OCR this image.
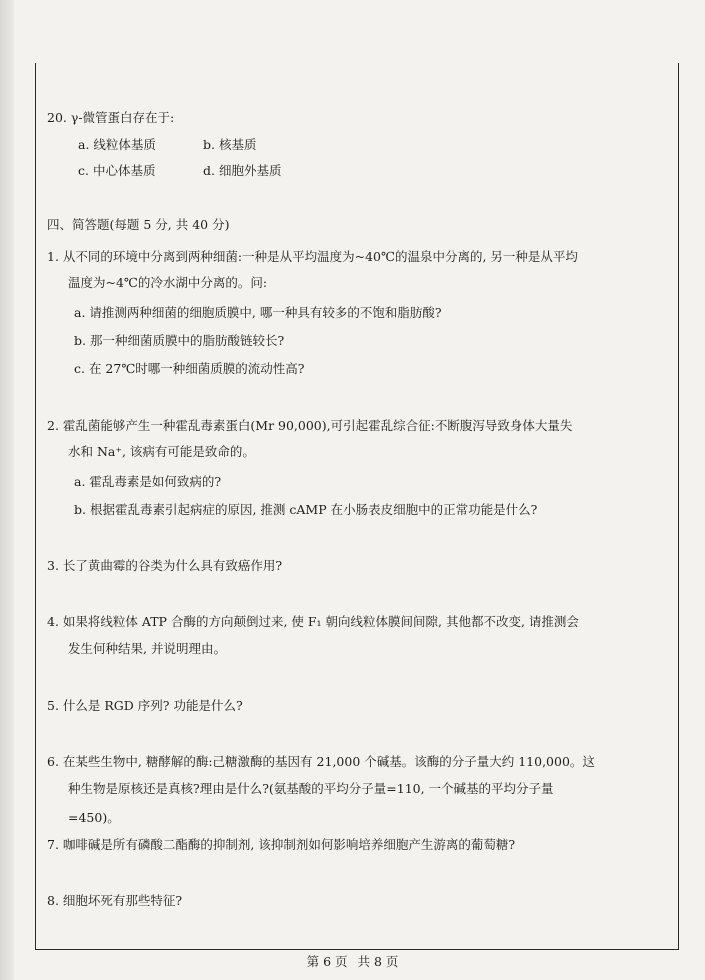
20. γ-微管蛋白存在于:
a. 线粒体基质	b. 核基质
c. 中心体基质	d. 细胞外基质
四、简答题(每题 5 分, 共 40 分)
1. 从不同的环境中分离到两种细菌:一种是从平均温度为~40℃的温泉中分离的, 另一种是从平均
温度为~4℃的冷水湖中分离的。问:
a. 请推测两种细菌的细胞质膜中, 哪一种具有较多的不饱和脂肪酸?
b. 那一种细菌质膜中的脂肪酸链较长?
c. 在 27℃时哪一种细菌质膜的流动性高?
2. 霍乱菌能够产生一种霍乱毒素蛋白(Mr 90,000),可引起霍乱综合征:不断腹泻导致身体大量失
水和 Na⁺, 该病有可能是致命的。
a. 霍乱毒素是如何致病的?
b. 根据霍乱毒素引起病症的原因, 推测 cAMP 在小肠表皮细胞中的正常功能是什么?
3. 长了黄曲霉的谷类为什么具有致癌作用?
4. 如果将线粒体 ATP 合酶的方向颠倒过来, 使 F₁ 朝向线粒体膜间间隙, 其他都不改变, 请推测会
发生何种结果, 并说明理由。
5. 什么是 RGD 序列? 功能是什么?
6. 在某些生物中, 糖酵解的酶:己糖激酶的基因有 21,000 个碱基。该酶的分子量大约 110,000。这
种生物是原核还是真核?理由是什么?(氨基酸的平均分子量=110, 一个碱基的平均分子量
=450)。
7. 咖啡碱是所有磷酸二酯酶的抑制剂, 该抑制剂如何影响培养细胞产生游离的葡萄糖?
8. 细胞坏死有那些特征?
第 6 页 共 8 页
